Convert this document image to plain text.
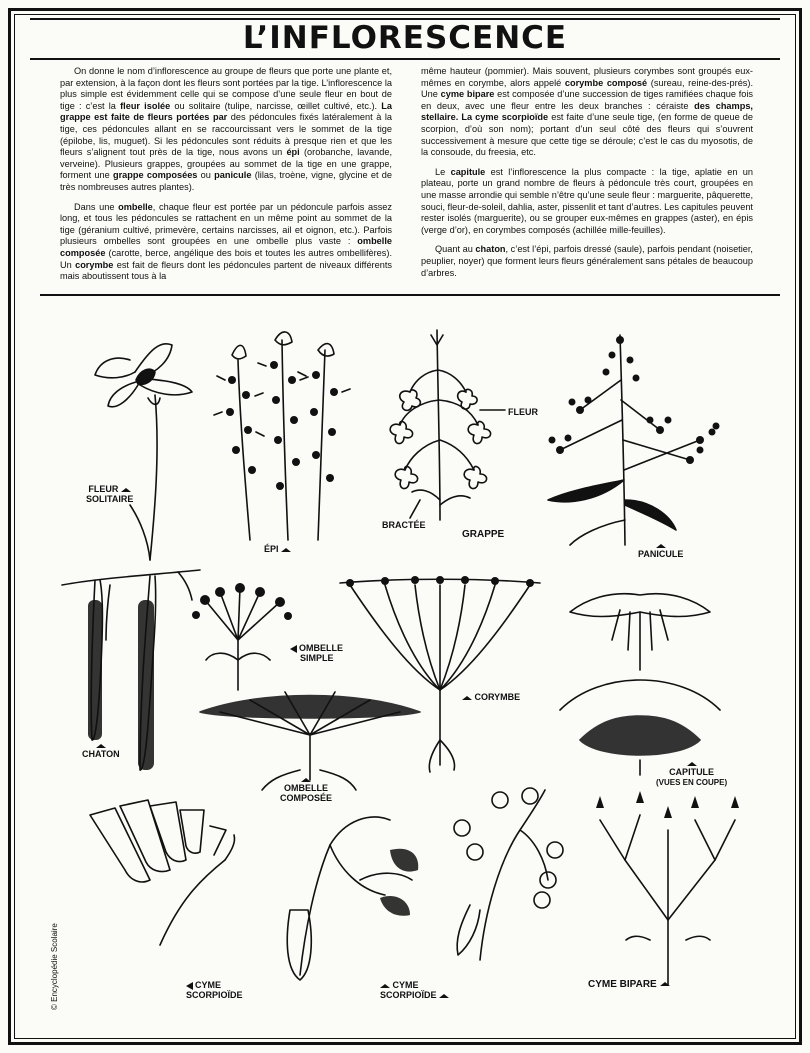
L’INFLORESCENCE

On donne le nom d’inflorescence au groupe de fleurs que porte une plante et, par extension, à la façon dont les fleurs sont portées par la tige. L’inflorescence la plus simple est évidemment celle qui se compose d’une seule fleur en bout de tige : c’est la fleur isolée ou solitaire (tulipe, narcisse, œillet cultivé, etc.). La grappe est faite de fleurs portées par des pédoncules fixés latéralement à la tige, ces pédoncules allant en se raccourcissant vers le sommet de la tige (épilobe, lis, muguet). Si les pédoncules sont réduits à presque rien et que les fleurs s’alignent tout près de la tige, nous avons un épi (orobanche, lavande, verveine). Plusieurs grappes, groupées au sommet de la tige en une grappe, forment une grappe composées ou panicule (lilas, troène, vigne, glycine et de très nombreuses autres plantes).

Dans une ombelle, chaque fleur est portée par un pédoncule parfois assez long, et tous les pédoncules se rattachent en un même point au sommet de la tige (géranium cultivé, primevère, certains narcisses, ail et oignon, etc.). Parfois plusieurs ombelles sont groupées en une ombelle plus vaste : ombelle composée (carotte, berce, angélique des bois et toutes les autres ombellifères). Un corymbe est fait de fleurs dont les pédoncules partent de niveaux différents mais aboutissent tous à la

même hauteur (pommier). Mais souvent, plusieurs corymbes sont groupés eux-mêmes en corymbe, alors appelé corymbe composé (sureau, reine-des-prés). Une cyme bipare est composée d’une succession de tiges ramifiées chaque fois en deux, avec une fleur entre les deux branches : céraiste des champs, stellaire. La cyme scorpioïde est faite d’une seule tige, (en forme de queue de scorpion, d’où son nom); portant d’un seul côté des fleurs qui s’ouvrent successivement à mesure que cette tige se déroule; c’est le cas du myosotis, de la consoude, du freesia, etc.

Le capitule est l’inflorescence la plus compacte : la tige, aplatie en un plateau, porte un grand nombre de fleurs à pédoncule très court, groupées en une masse arrondie qui semble n’être qu’une seule fleur : marguerite, pâquerette, souci, fleur-de-soleil, dahlia, aster, pissenlit et tant d’autres. Les capitules peuvent rester isolés (marguerite), ou se grouper eux-mêmes en grappes (aster), en épis (verge d’or), en corymbes composés (achillée mille-feuilles).

Quant au chaton, c’est l’épi, parfois dressé (saule), parfois pendant (noisetier, peuplier, noyer) que forment leurs fleurs généralement sans pétales de beaucoup d’arbres.

FLEUR
SOLITAIRE
ÉPI
FLEUR
BRACTÉE
GRAPPE
PANICULE
CHATON
OMBELLE
SIMPLE
CORYMBE
OMBELLE
COMPOSÉE
CAPITULE
(VUES EN COUPE)
CYME
SCORPIOÏDE
CYME
SCORPIOÏDE
CYME BIPARE
© Encyclopédie Scolaire
